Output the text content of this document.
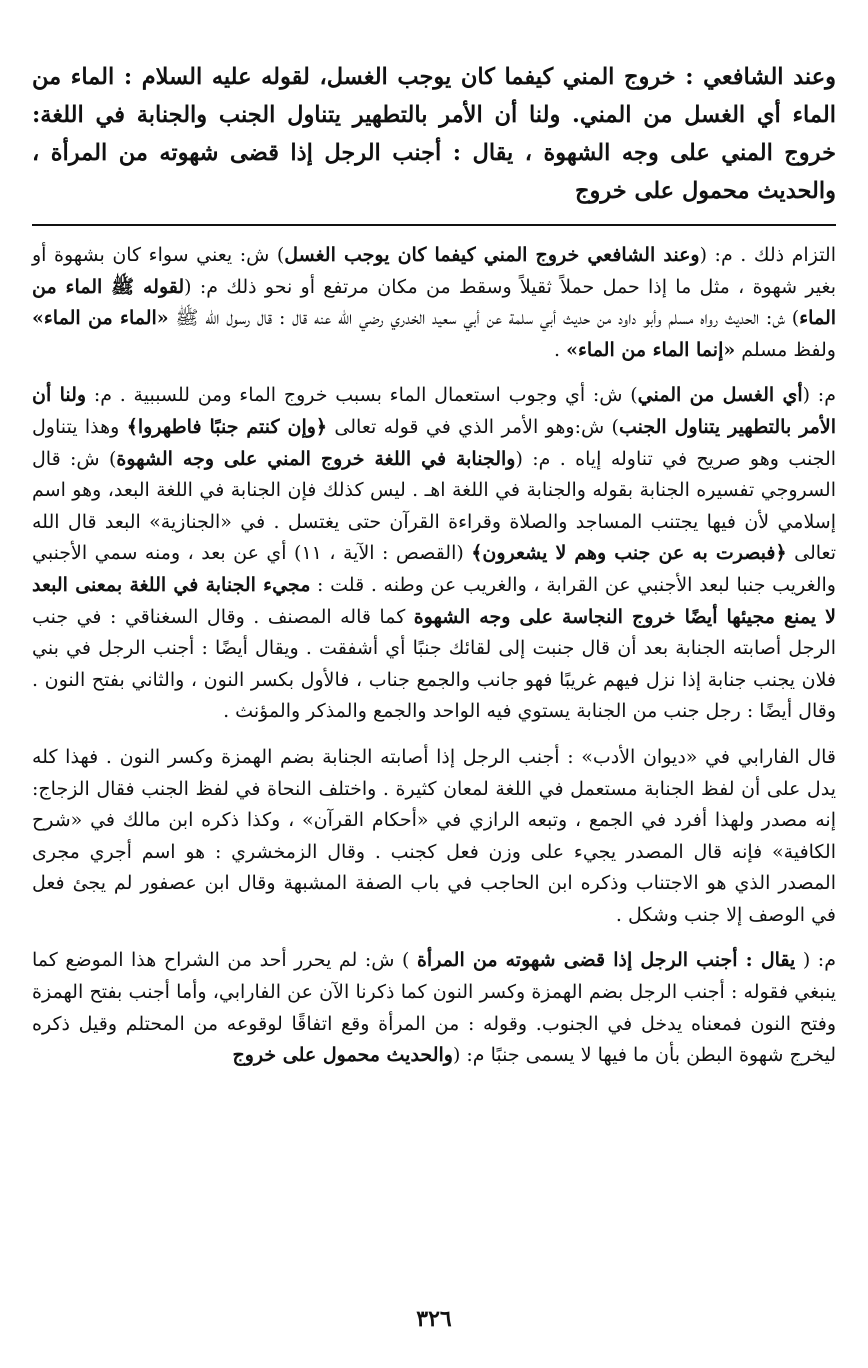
وعند الشافعي : خروج المني كيفما كان يوجب الغسل، لقوله عليه السلام : الماء من الماء أي الغسل من المني. ولنا أن الأمر بالتطهير يتناول الجنب والجنابة في اللغة: خروج المني على وجه الشهوة ، يقال : أجنب الرجل إذا قضى شهوته من المرأة ، والحديث محمول على خروج

التزام ذلك . م: (وعند الشافعي خروج المني كيفما كان يوجب الغسل) ش: يعني سواء كان بشهوة أو بغير شهوة ، مثل ما إذا حمل حملاً ثقيلاً وسقط من مكان مرتفع أو نحو ذلك م: (لقوله ﷺ الماء من الماء) ش: الحديث رواه مسلم وأبو داود من حديث أبي سلمة عن أبي سعيد الخدري رضي الله عنه قال : قال رسول الله ﷺ «الماء من الماء» ولفظ مسلم «إنما الماء من الماء» .

م: (أي الغسل من المني) ش: أي وجوب استعمال الماء بسبب خروج الماء ومن للسببية . م: ولنا أن الأمر بالتطهير يتناول الجنب) ش:وهو الأمر الذي في قوله تعالى ﴿وإن كنتم جنبًا فاطهروا﴾ وهذا يتناول الجنب وهو صريح في تناوله إياه . م: (والجنابة في اللغة خروج المني على وجه الشهوة) ش: قال السروجي تفسيره الجنابة بقوله والجنابة في اللغة اهـ . ليس كذلك فإن الجنابة في اللغة البعد، وهو اسم إسلامي لأن فيها يجتنب المساجد والصلاة وقراءة القرآن حتى يغتسل . في «الجنازية» البعد قال الله تعالى ﴿فبصرت به عن جنب وهم لا يشعرون﴾ (القصص : الآية ، ١١) أي عن بعد ، ومنه سمي الأجنبي والغريب جنبا لبعد الأجنبي عن القرابة ، والغريب عن وطنه . قلت : مجيء الجنابة في اللغة بمعنى البعد لا يمنع مجيئها أيضًا خروج النجاسة على وجه الشهوة كما قاله المصنف . وقال السغناقي : في جنب الرجل أصابته الجنابة بعد أن قال جنبت إلى لقائك جنبًا أي أشفقت . ويقال أيضًا : أجنب الرجل في بني فلان يجنب جنابة إذا نزل فيهم غريبًا فهو جانب والجمع جناب ، فالأول بكسر النون ، والثاني بفتح النون . وقال أيضًا : رجل جنب من الجنابة يستوي فيه الواحد والجمع والمذكر والمؤنث .

قال الفارابي في «ديوان الأدب» : أجنب الرجل إذا أصابته الجنابة بضم الهمزة وكسر النون . فهذا كله يدل على أن لفظ الجنابة مستعمل في اللغة لمعان كثيرة . واختلف النحاة في لفظ الجنب فقال الزجاج: إنه مصدر ولهذا أفرد في الجمع ، وتبعه الرازي في «أحكام القرآن» ، وكذا ذكره ابن مالك في «شرح الكافية» فإنه قال المصدر يجيء على وزن فعل كجنب . وقال الزمخشري : هو اسم أجري مجرى المصدر الذي هو الاجتناب وذكره ابن الحاجب في باب الصفة المشبهة وقال ابن عصفور لم يجئ فعل في الوصف إلا جنب وشكل .

م: ( يقال : أجنب الرجل إذا قضى شهوته من المرأة ) ش: لم يحرر أحد من الشراح هذا الموضع كما ينبغي فقوله : أجنب الرجل بضم الهمزة وكسر النون كما ذكرنا الآن عن الفارابي، وأما أجنب بفتح الهمزة وفتح النون فمعناه يدخل في الجنوب. وقوله : من المرأة وقع اتفاقًا لوقوعه من المحتلم وقيل ذكره ليخرج شهوة البطن بأن ما فيها لا يسمى جنبًا م: (والحديث محمول على خروج

٣٢٦
